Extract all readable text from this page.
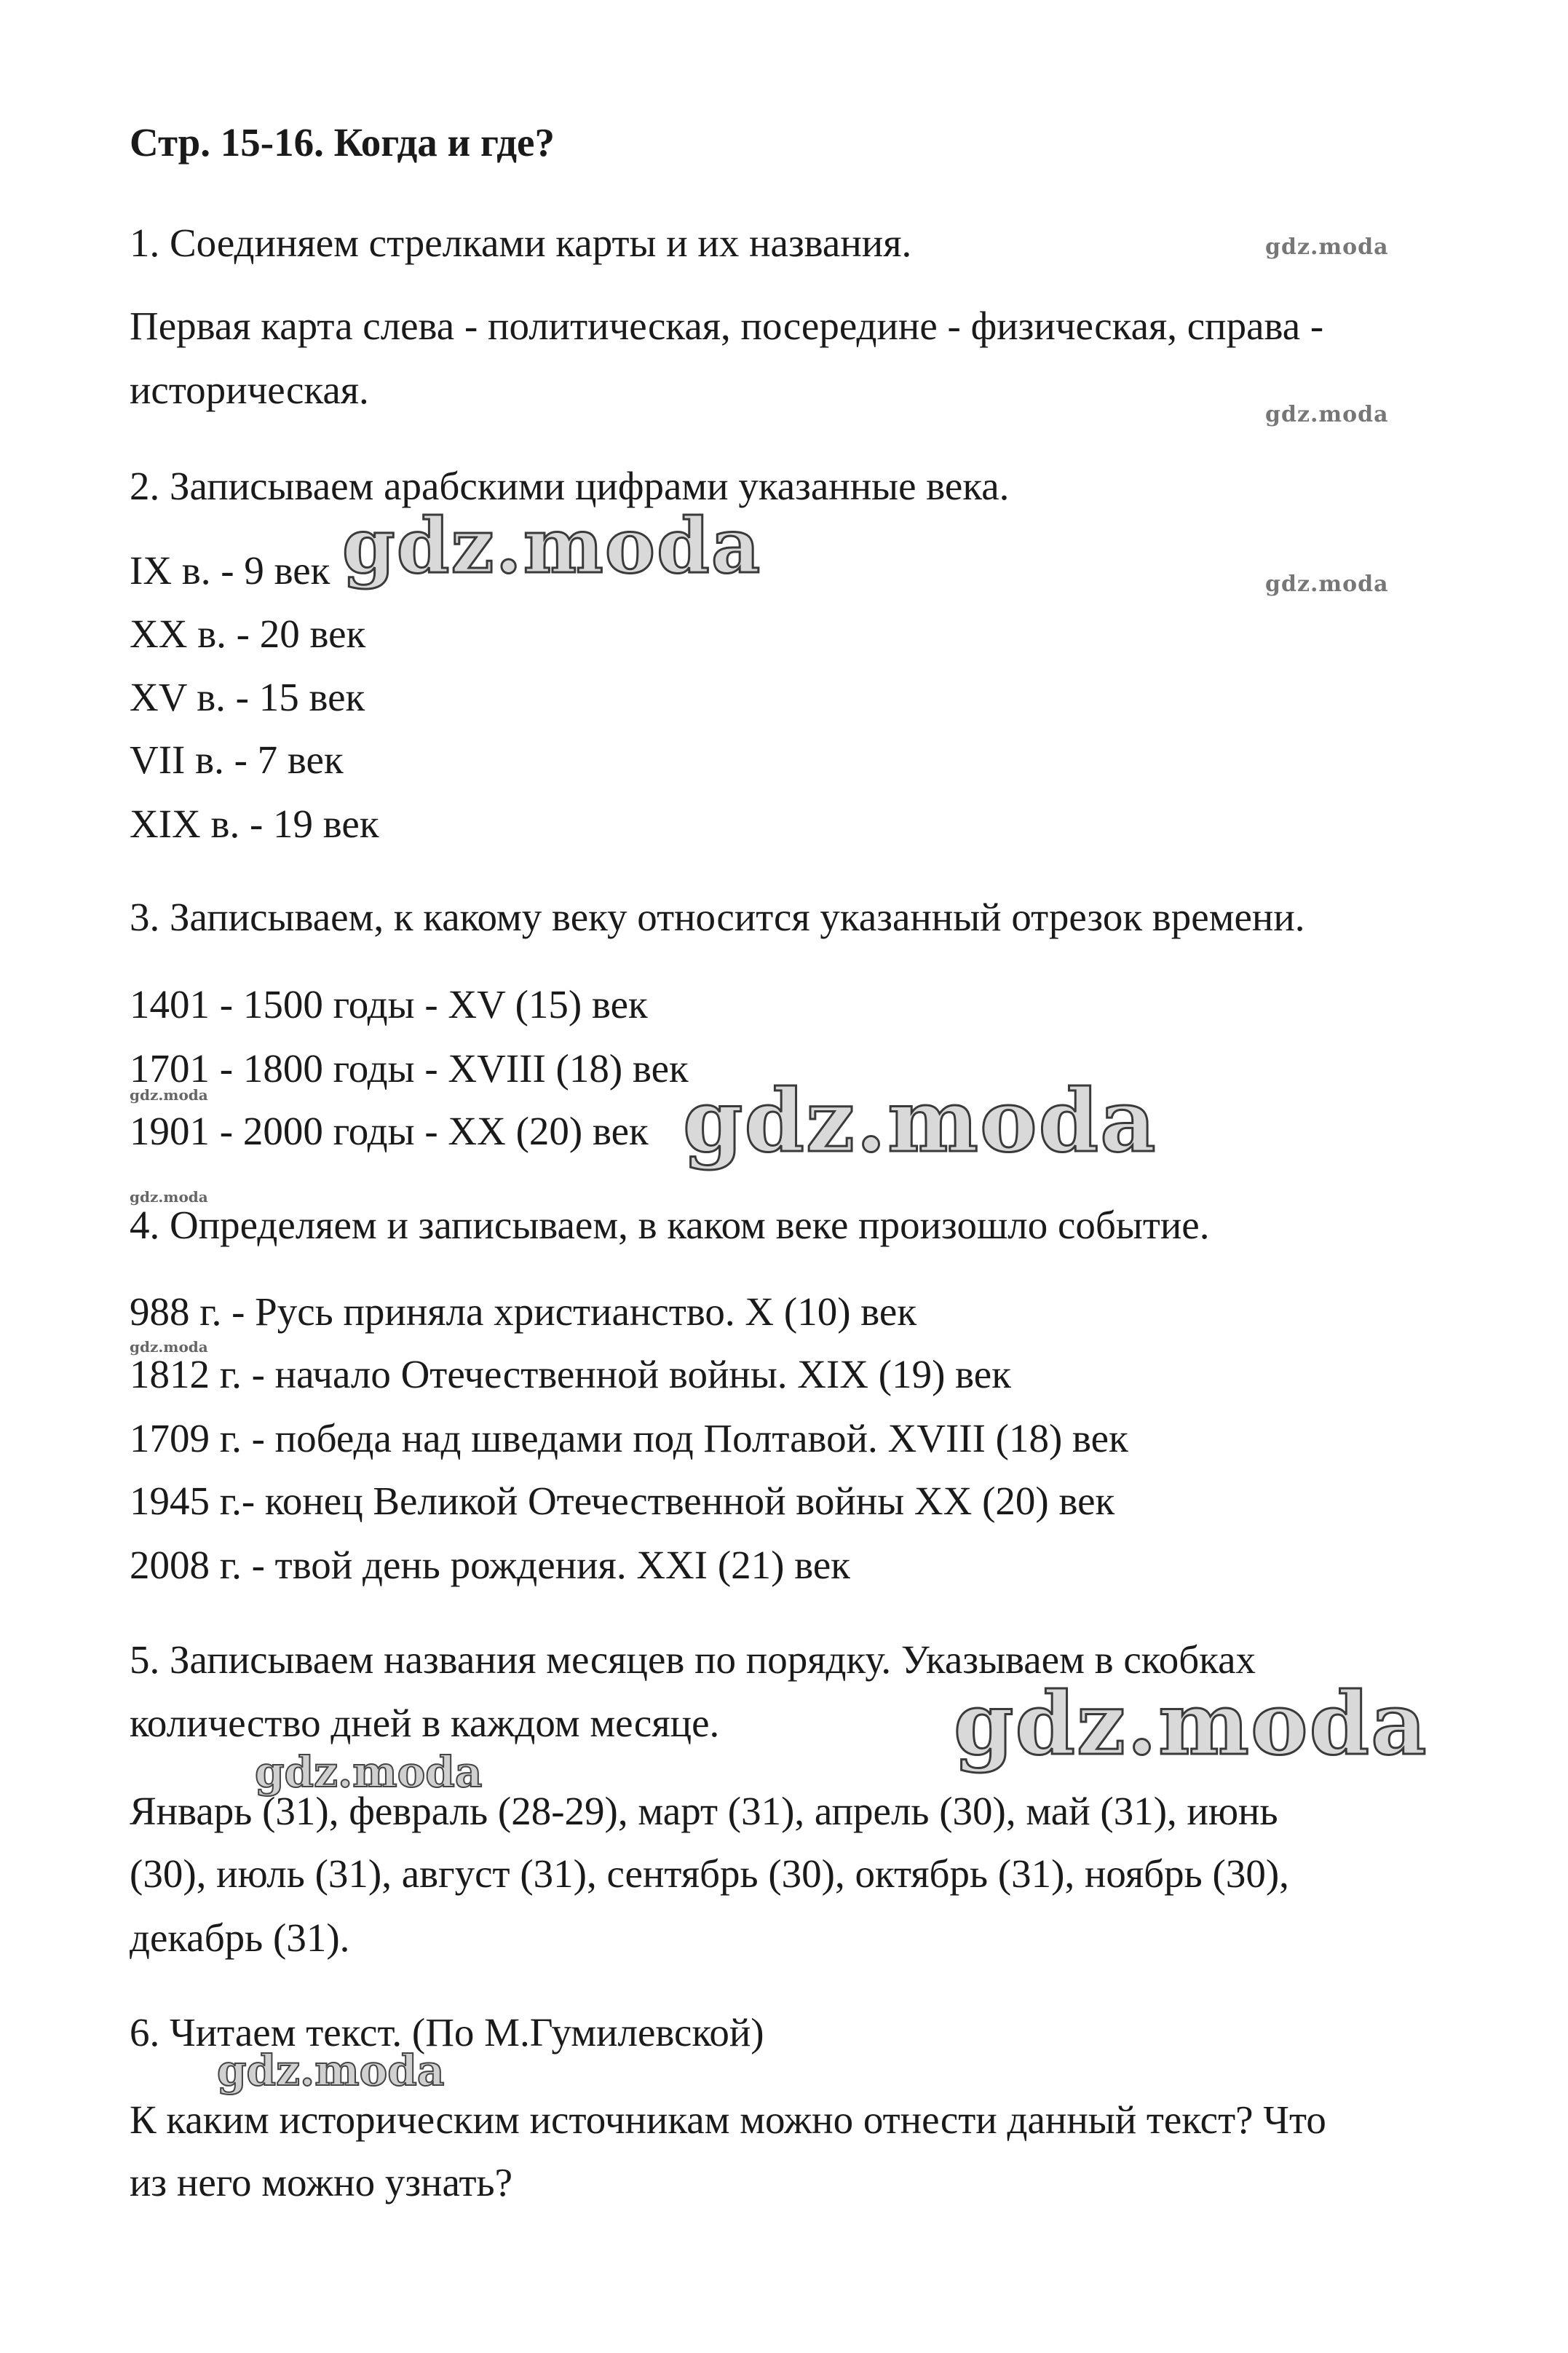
Стр. 15-16. Когда и где?
1. Соединяем стрелками карты и их названия.
Первая карта слева - политическая, посередине - физическая, справа -
историческая.
2. Записываем арабскими цифрами указанные века.
IX в. - 9 век
XX в. - 20 век
XV в. - 15 век
VII в. - 7 век
XIX в. - 19 век
3. Записываем, к какому веку относится указанный отрезок времени.
1401 - 1500 годы - XV (15) век
1701 - 1800 годы - XVIII (18) век
1901 - 2000 годы - XX (20) век
4. Определяем и записываем, в каком веке произошло событие.
988 г. - Русь приняла христианство. X (10) век
1812 г. - начало Отечественной войны. XIX (19) век
1709 г. - победа над шведами под Полтавой. XVIII (18) век
1945 г.- конец Великой Отечественной войны XX (20) век
2008 г. - твой день рождения. XXI (21) век
5. Записываем названия месяцев по порядку. Указываем в скобках
количество дней в каждом месяце.
Январь (31), февраль (28-29), март (31), апрель (30), май (31), июнь
(30), июль (31), август (31), сентябрь (30), октябрь (31), ноябрь (30),
декабрь (31).
6. Читаем текст. (По М.Гумилевской)
К каким историческим источникам можно отнести данный текст? Что
из него можно узнать?
gdz.moda
gdz.moda
gdz.moda
gdz.moda
gdz.moda
gdz.moda
gdz.moda
gdz.moda
gdz.moda
gdz.moda
gdz.moda
